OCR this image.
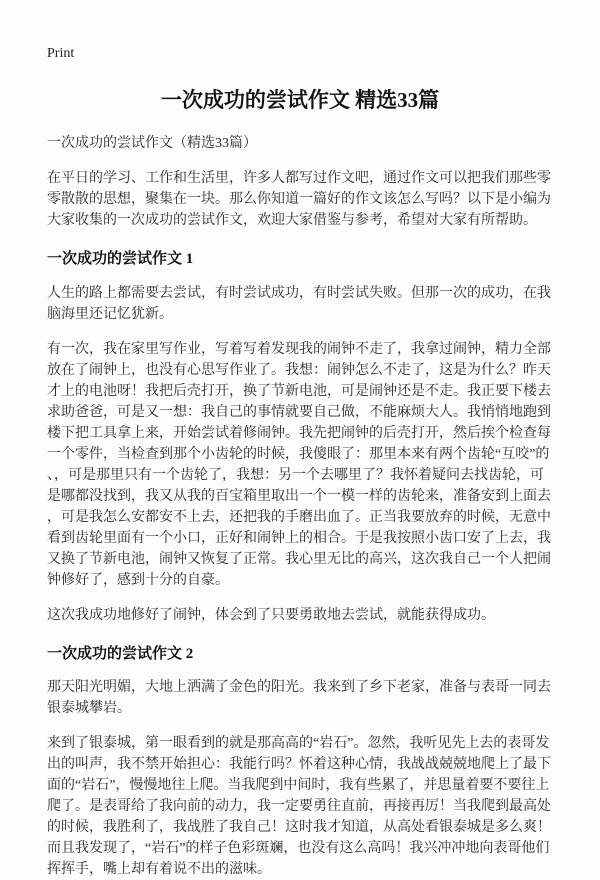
Print
一次成功的尝试作文 精选33篇

一次成功的尝试作文（精选33篇）

在平日的学习、工作和生活里，许多人都写过作文吧，通过作文可以把我们那些零零散散的思想，聚集在一块。那么你知道一篇好的作文该怎么写吗？以下是小编为大家收集的一次成功的尝试作文，欢迎大家借鉴与参考，希望对大家有所帮助。

一次成功的尝试作文 1

人生的路上都需要去尝试，有时尝试成功，有时尝试失败。但那一次的成功，在我脑海里还记忆犹新。

有一次，我在家里写作业，写着写着发现我的闹钟不走了，我拿过闹钟，精力全部放在了闹钟上，也没有心思写作业了。我想：闹钟怎么不走了，这是为什么？昨天才上的电池呀！我把后壳打开，换了节新电池，可是闹钟还是不走。我正要下楼去求助爸爸，可是又一想：我自己的事情就要自己做，不能麻烦大人。我悄悄地跑到楼下把工具拿上来，开始尝试着修闹钟。我先把闹钟的后壳打开，然后挨个检查每一个零件，当检查到那个小齿轮的时候，我傻眼了：那里本来有两个齿轮“互咬”的、，可是那里只有一个齿轮了，我想：另一个去哪里了？我怀着疑问去找齿轮，可是哪都没找到，我又从我的百宝箱里取出一个一模一样的齿轮来，准备安到上面去，可是我怎么安都安不上去，还把我的手磨出血了。正当我要放弃的时候，无意中看到齿轮里面有一个小口，正好和闹钟上的相合。于是我按照小齿口安了上去，我又换了节新电池，闹钟又恢复了正常。我心里无比的高兴，这次我自己一个人把闹钟修好了，感到十分的自豪。

这次我成功地修好了闹钟，体会到了只要勇敢地去尝试，就能获得成功。

一次成功的尝试作文 2

那天阳光明媚，大地上洒满了金色的阳光。我来到了乡下老家，准备与表哥一同去银泰城攀岩。

来到了银泰城，第一眼看到的就是那高高的“岩石”。忽然，我听见先上去的表哥发出的叫声，我不禁开始担心：我能行吗？怀着这种心情，我战战兢兢地爬上了最下面的“岩石”，慢慢地往上爬。当我爬到中间时，我有些累了，并思量着要不要往上爬了。是表哥给了我向前的动力，我一定要勇往直前，再接再厉！当我爬到最高处的时候，我胜利了，我战胜了我自己！这时我才知道，从高处看银泰城是多么爽！而且我发现了，“岩石”的样子色彩斑斓，也没有这么高吗！我兴冲冲地向表哥他们挥挥手，嘴上却有着说不出的滋味。
